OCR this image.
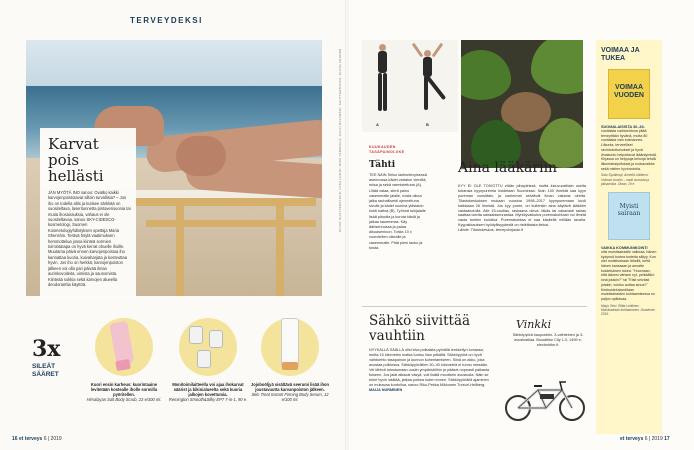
TERVEYDEKSI
Karvat pois hellästi
JÄN MYÖTÄ INO sanoo: Ovatko kaikki karvojenpoistotavat silloin turvallisia? – Jos iho on todella altis ja kutisee särkkää on suositeltava, laseritunnetta pintaverisuonia tai mutia ihosairauksia, vahaus ei ole suositeltavaa, sanoo SKY-CIDESCO-kosmetologi, Suomen Kosmetologiyhdistyksen opettaja Maria Shenshin. Terävä höylä vaatimuksen hemmottelua jossa kiinteä sormien toimintatapa on hyvä kerrat ohuelle ihoille. Muutama päivä ennen karvojenpoistoa iho kannattaa kuoria, kuivaharjata ja kosteuttaa hyvin. Jos iho on herkkä, karvojenpoiston jälkeen voi olla pari päivää ilman aurinkovoiteita, uimista ja saunomista. Kiinteää sokkia sekä karvojen alueella deodoranttia käyttöä.
3x
SILEÄT
SÄÄRET
Kuori ensin karheus: kuorintaaine levitetään kostealle iholle sormilla pyöritellen.
Himalayan Salt Body Scrub, 23 e/300 ml.
Monitoimilaitteella voi ajaa ihokarvat säärist ja bikinialueelta sekä kuoria jalkojen kovettumia.
Remington Smooth&Silky EP7 7-in-1, 90 e.
Jojoboöljyä sisältävä seerumi lisää ihon joustavuutta karvanpoiston jälkeen.
Skin Treat Instant Firming Body Serum, 12 e/100 ml.
KUVAT SHUTTERSTOCK; LIISA LONJO; NINA TÄRKKÄLÄ; SAULI RAJAMÄKI; SHUTTERSTOCK; ELIISA AHONEN
16 et terveys 6 | 2019	et terveys 6 | 2019 17
A	B
KUUKAUDEN TASAPAINOLIIKE
Tähti
TEE NÄIN Seiso lantionlevyisessä asennossa kädet vartalon vierellä, miisa ja sekä varmistettuna (A). Liitää vataa, siirrä paino vasemmalle jalalle, nosta oikea jalka rauhallisesti ojennettuna sivulle ja kädet suorina ylästalon kohti kattoa (B). Työnnä tukijalalle lisää pituutta ja kurota käsiä ja jalkaa kauemmas. Käy äärisennossa ja palaa alkuasentoon. Toista 10 x vuorotellen oikealle ja vasemmalle. Pidä pieni tauko ja toista.
Aina lääkäriin
KYY EI OLE TOIVOTTU elään pihapiirissä, mutta lukuvuosittain useita tuhansia kyynpuremia hoidetaan Suomessa. Noin 100 ihmistä saa kyyn pureman vuosittain, ja useimmat selviävät ilman vakavia oireita. Tilastokeskuksen mukaan vuosina 1998–2017 kyynpuremaan kuoli kaikkiaan 26 ihmistä. Jos kyy puree, on kuitenkin aina käytävä lääkärin vastaanotolla. Alle 15-vuotias, raskaana oleva, iäkäs tai vakavasti sairas saattaa tarvita sairaalaseurantaa. Myrkkyvaikutus puremakohtaan voi ilmetä vasta tuntien kuluttua. Puremakohtaa ei saa käsitellä millään tavalla. Kyypakkauksen hyödyllisyydestä on ristiriitaista tietoa.
Lähde: Tilastokeskus, terveyskirjasto.fi
Sähkö siivittää vauhtiin
NYYKÄLLÄ SÄÄLLÄ olisi kiva polkaista pyörällä lenkkeilyn lomassa, mutta 15 kilometrin matka tuntuu liian pitkältä. Sähköpyörä on hyvä vaihtoehto tasapainon ja kunnon kohentamiseen. Siinä on akku, joka avustaa polkiessa. Sähköpyöräillen 30–40 kilometriä ei tunnu missään. Vei lähteä tutustumaan uusiin ympäristöihin ja pääset nopeasti paikasta toiseen. Jos jalat alkavat väsyä, voit lisätä moottorin avustusta. Näin se tulee hyvin säätää, jatkaa polkea kuten ennen. Sähköpyörällä ajaminen on mukavaa kuntoilua, sanoo Riku-Pekka Mikkonen Tunturi-Hellberg. MAIJA NURMINEN
Vinkki
Sähköpyörä kaupunkiin. 3-vaihteinen ja 3-avustustilaa. Boostbike City 1.0, 1499 e, electrobike.fi.
VOIMAA JA TUKEA
VOIMAA VUODEN
SUOMALAISISTA 30–49-
vuotiaista vaihtoehtona pitää terveyttään hyvänä, mutta 80 vuotiaista vain kolmannes. Liikunta, terveelliset ravintotottumukset ja hyvä ilmakunto helpottavat ikääntymistä. Kirjassa on helppoja keinoja tehdä liikuntaharjoituksia ja ruokavaliota sekä mielen hyvinvointia.
Satu Syväkorpi, Anneliä Liittänen: Voimaa vuosiin – nauti vuosista ja jaksamista. Otava, 29 e.
Myisti sairaan
VAIKKA KOMMUNIKOINTI
olisi muistisairaalle vaikeaa, hänen kykynsä tuntea tunteita säilyy. Kun olet muistisairaan lähellä, keitä hänen kanssaan ja annatte kosketuksen tukea. "Huomaan, että äänesi värisee nyt, pelkäätkö sinä jotakin?" tai "Etsit selvästi jotakin, voinko auttaa sinua?" Keskustelutavoiltaan muistisairaiden kohtaamisessa on paljon opittavaa.
Marjo Teivi, Riitta Lehtinen: Muistisairaan kohtaaminen. Duodecim 2019.
